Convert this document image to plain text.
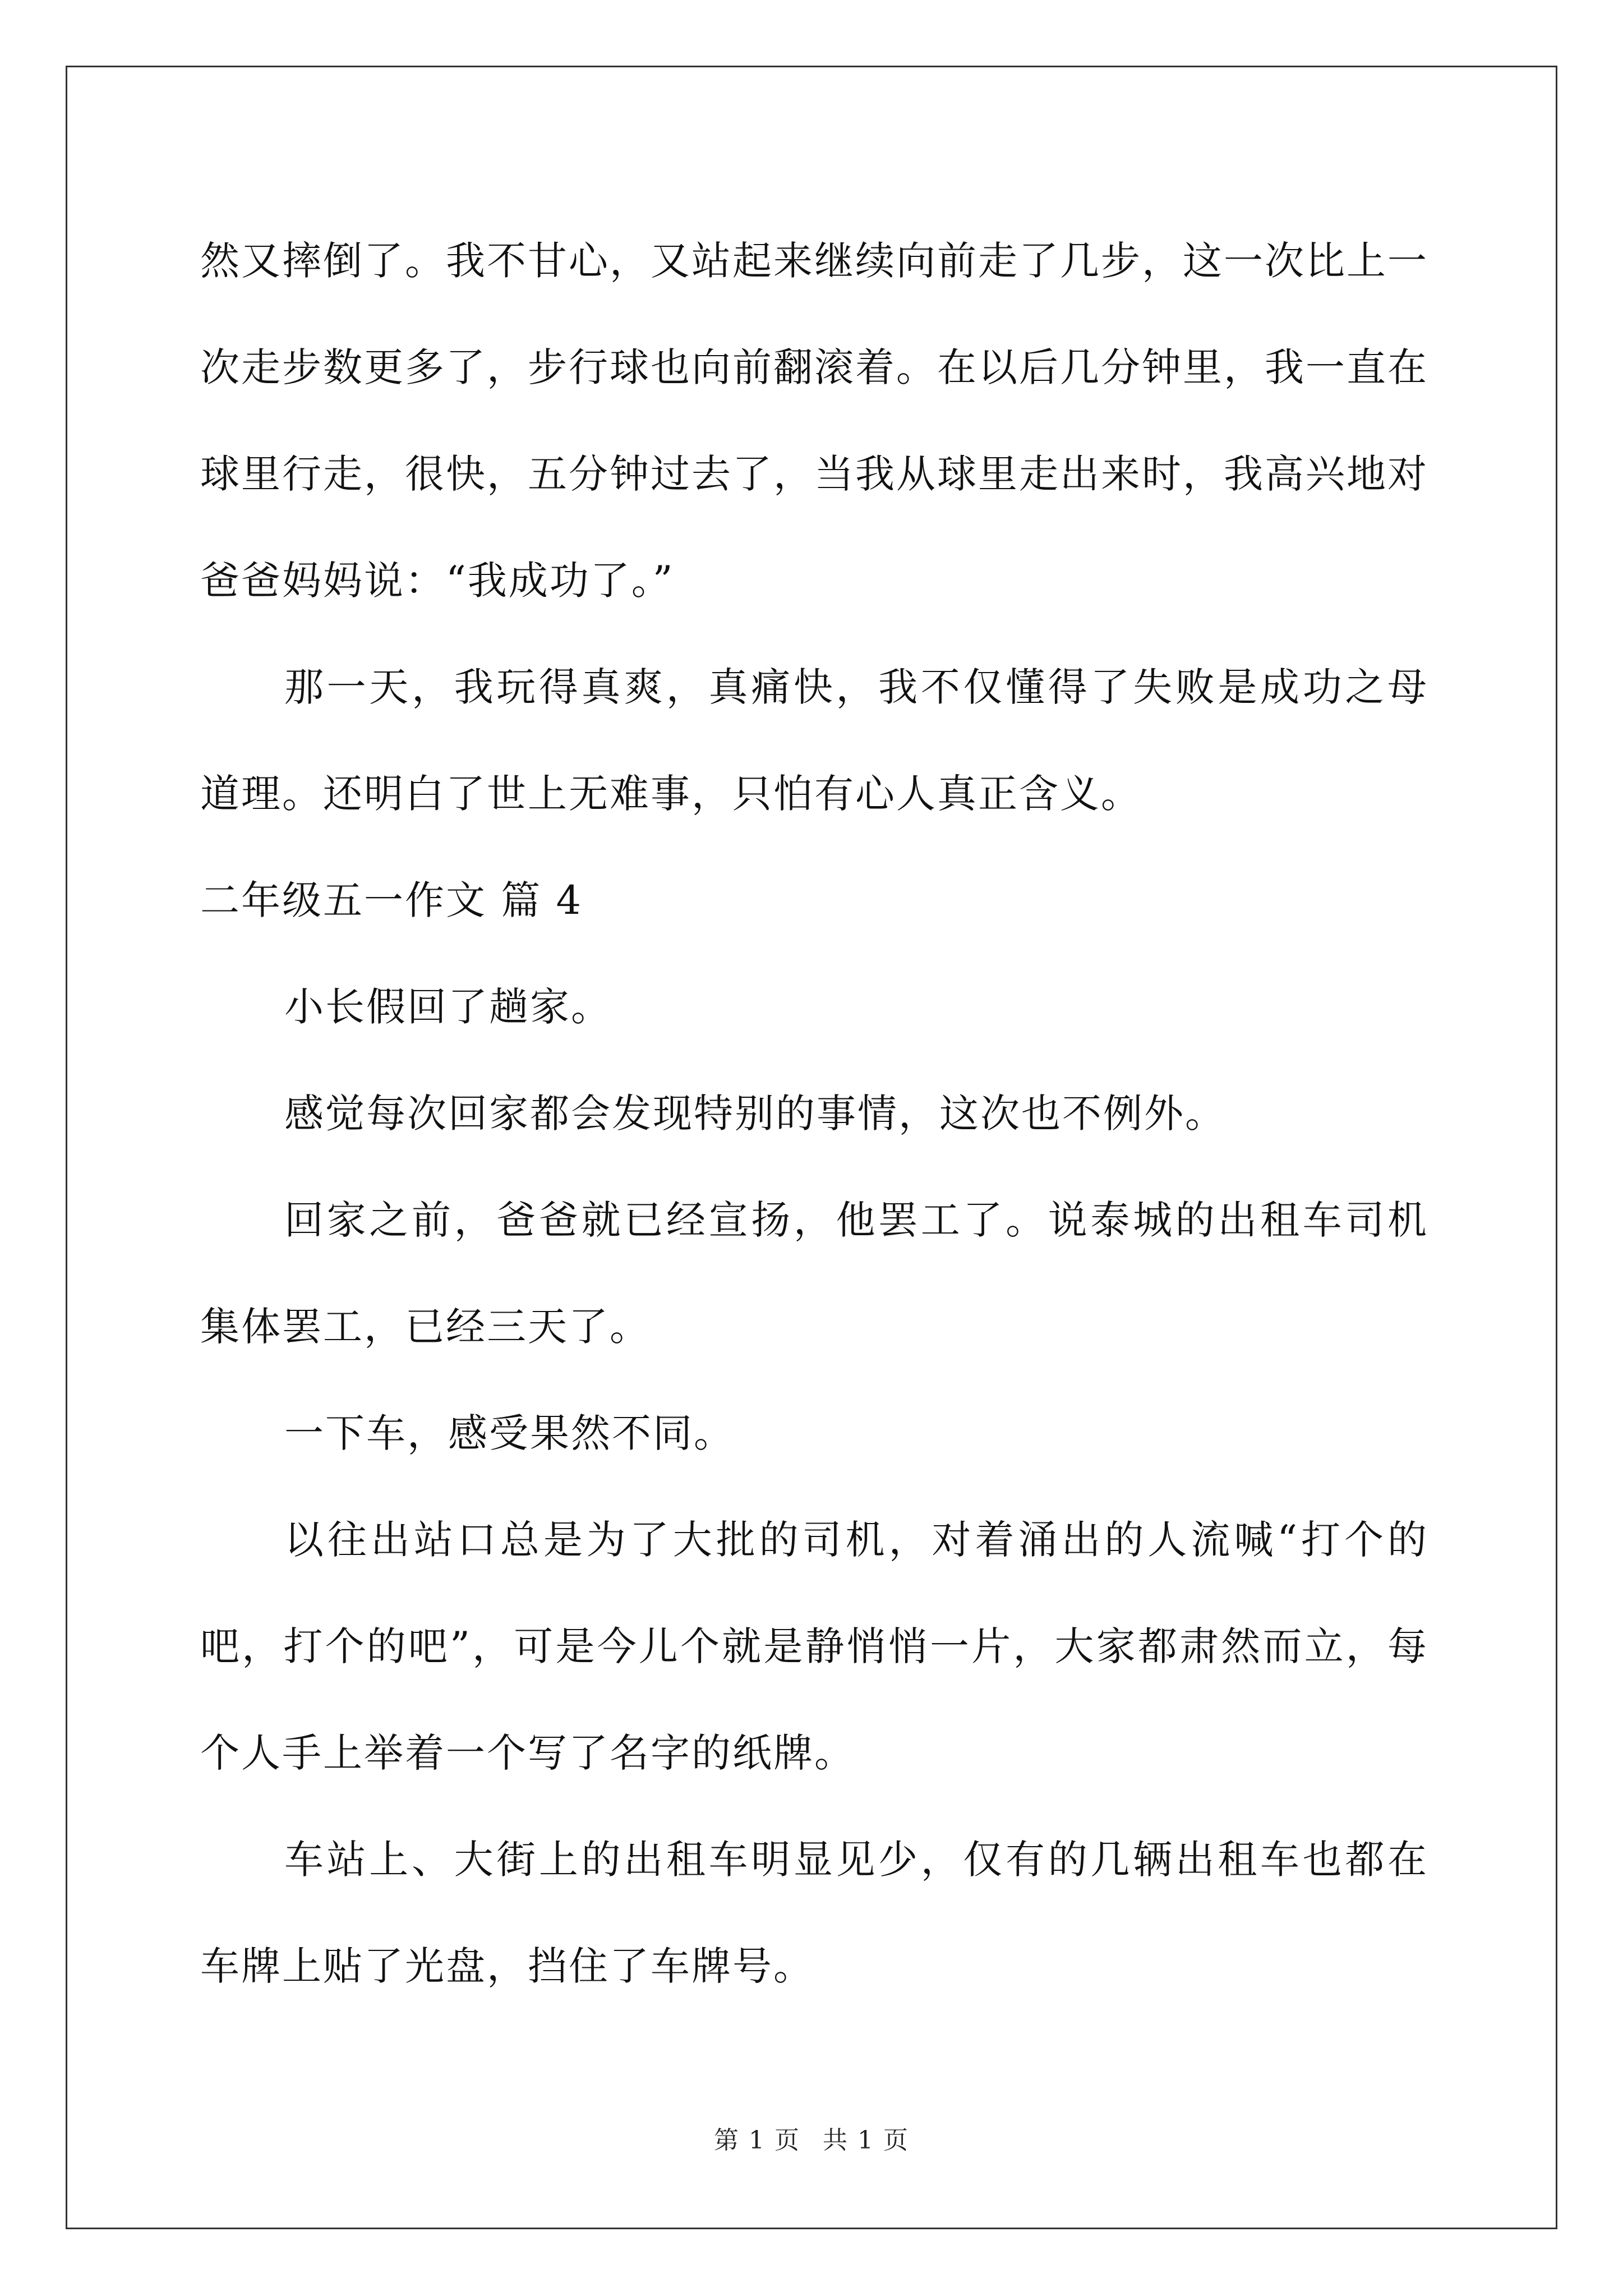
然又摔倒了。我不甘心，又站起来继续向前走了几步，这一次比上一次走步数更多了，步行球也向前翻滚着。在以后几分钟里，我一直在球里行走，很快，五分钟过去了，当我从球里走出来时，我高兴地对爸爸妈妈说：“我成功了。”

那一天，我玩得真爽，真痛快，我不仅懂得了失败是成功之母道理。还明白了世上无难事，只怕有心人真正含义。

二年级五一作文 篇 4

小长假回了趟家。

感觉每次回家都会发现特别的事情，这次也不例外。

回家之前，爸爸就已经宣扬，他罢工了。说泰城的出租车司机集体罢工，已经三天了。

一下车，感受果然不同。

以往出站口总是为了大批的司机，对着涌出的人流喊“打个的吧，打个的吧”，可是今儿个就是静悄悄一片，大家都肃然而立，每个人手上举着一个写了名字的纸牌。

车站上、大街上的出租车明显见少，仅有的几辆出租车也都在车牌上贴了光盘，挡住了车牌号。

第 1 页 共 1 页
